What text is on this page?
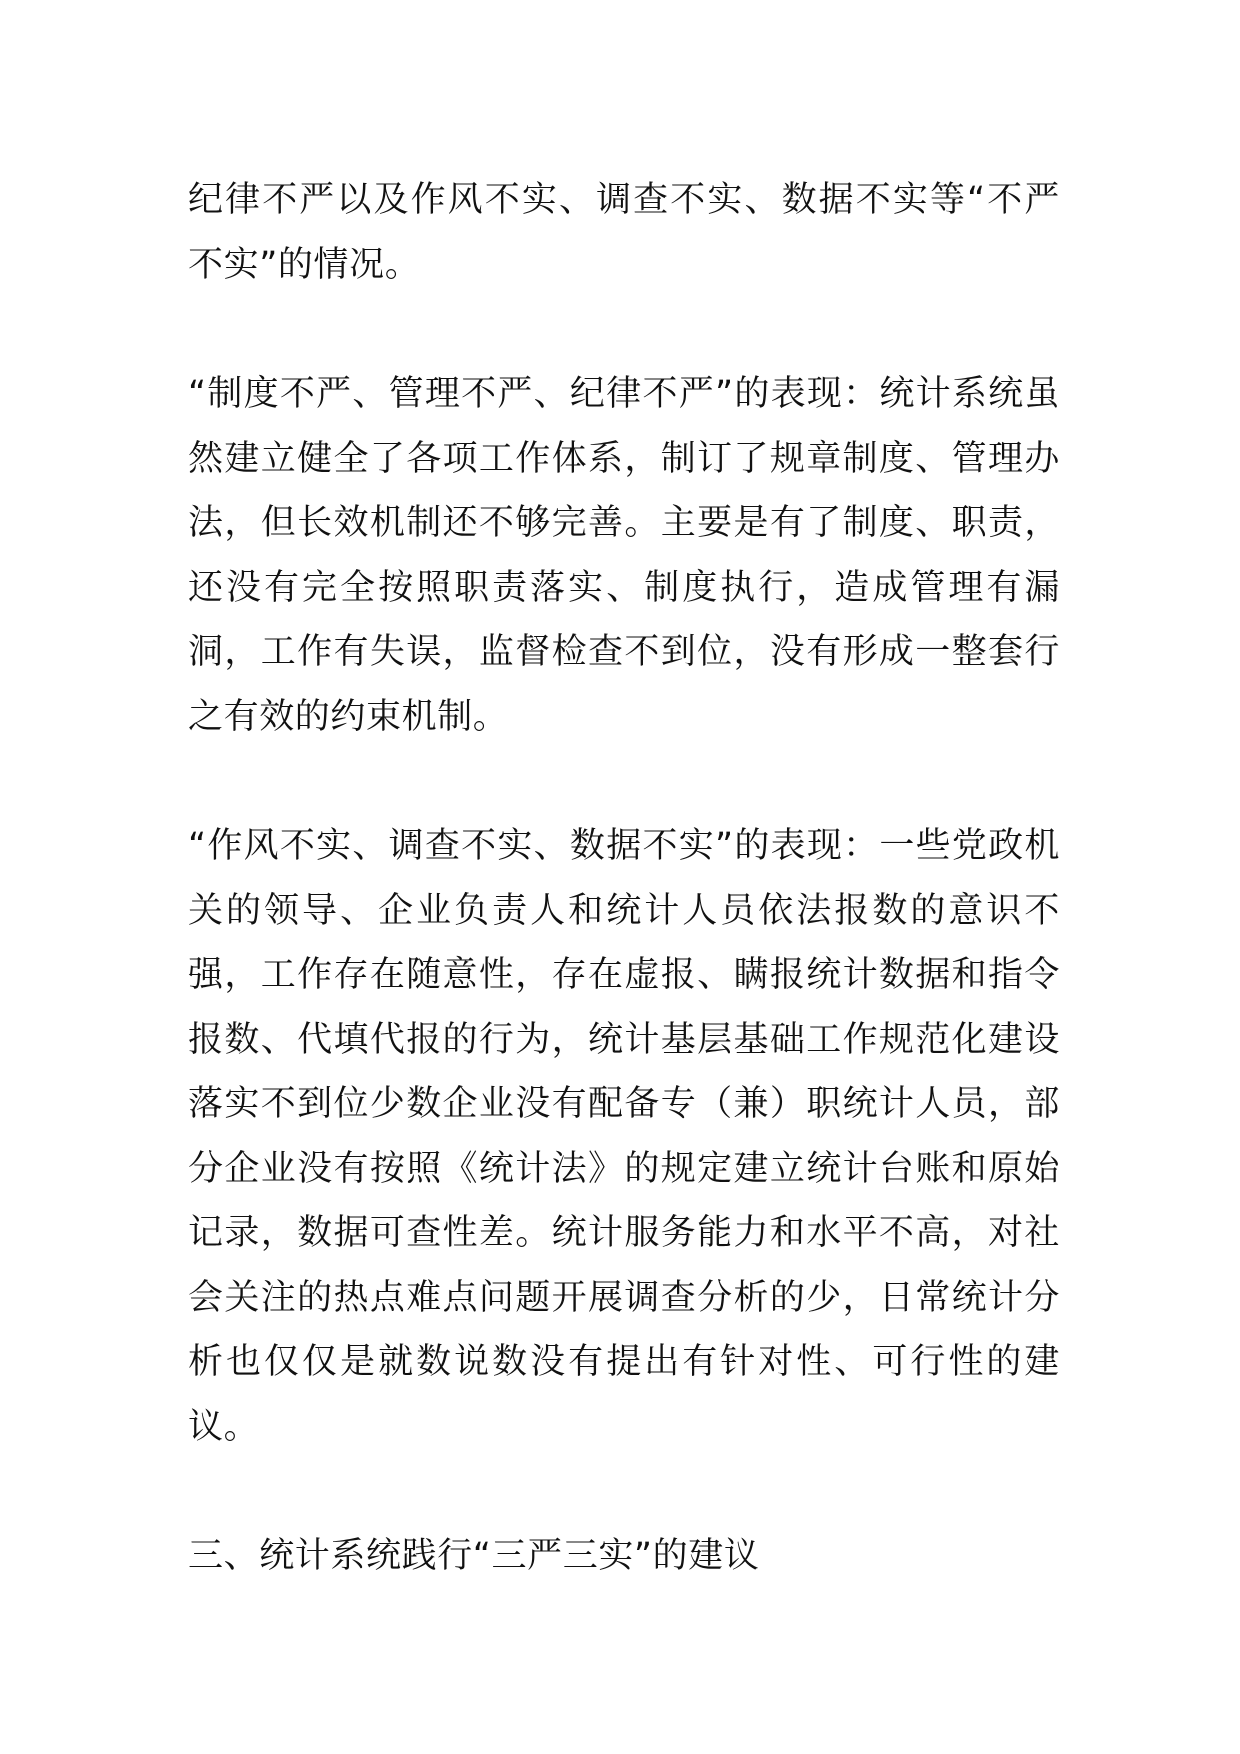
纪律不严以及作风不实、调查不实、数据不实等“不严不实”的情况。

“制度不严、管理不严、纪律不严”的表现：统计系统虽然建立健全了各项工作体系，制订了规章制度、管理办法，但长效机制还不够完善。主要是有了制度、职责，还没有完全按照职责落实、制度执行，造成管理有漏洞，工作有失误，监督检查不到位，没有形成一整套行之有效的约束机制。

“作风不实、调查不实、数据不实”的表现：一些党政机关的领导、企业负责人和统计人员依法报数的意识不强，工作存在随意性，存在虚报、瞒报统计数据和指令报数、代填代报的行为，统计基层基础工作规范化建设落实不到位少数企业没有配备专（兼）职统计人员，部分企业没有按照《统计法》的规定建立统计台账和原始记录，数据可查性差。统计服务能力和水平不高，对社会关注的热点难点问题开展调查分析的少，日常统计分析也仅仅是就数说数没有提出有针对性、可行性的建议。

三、统计系统践行“三严三实”的建议
